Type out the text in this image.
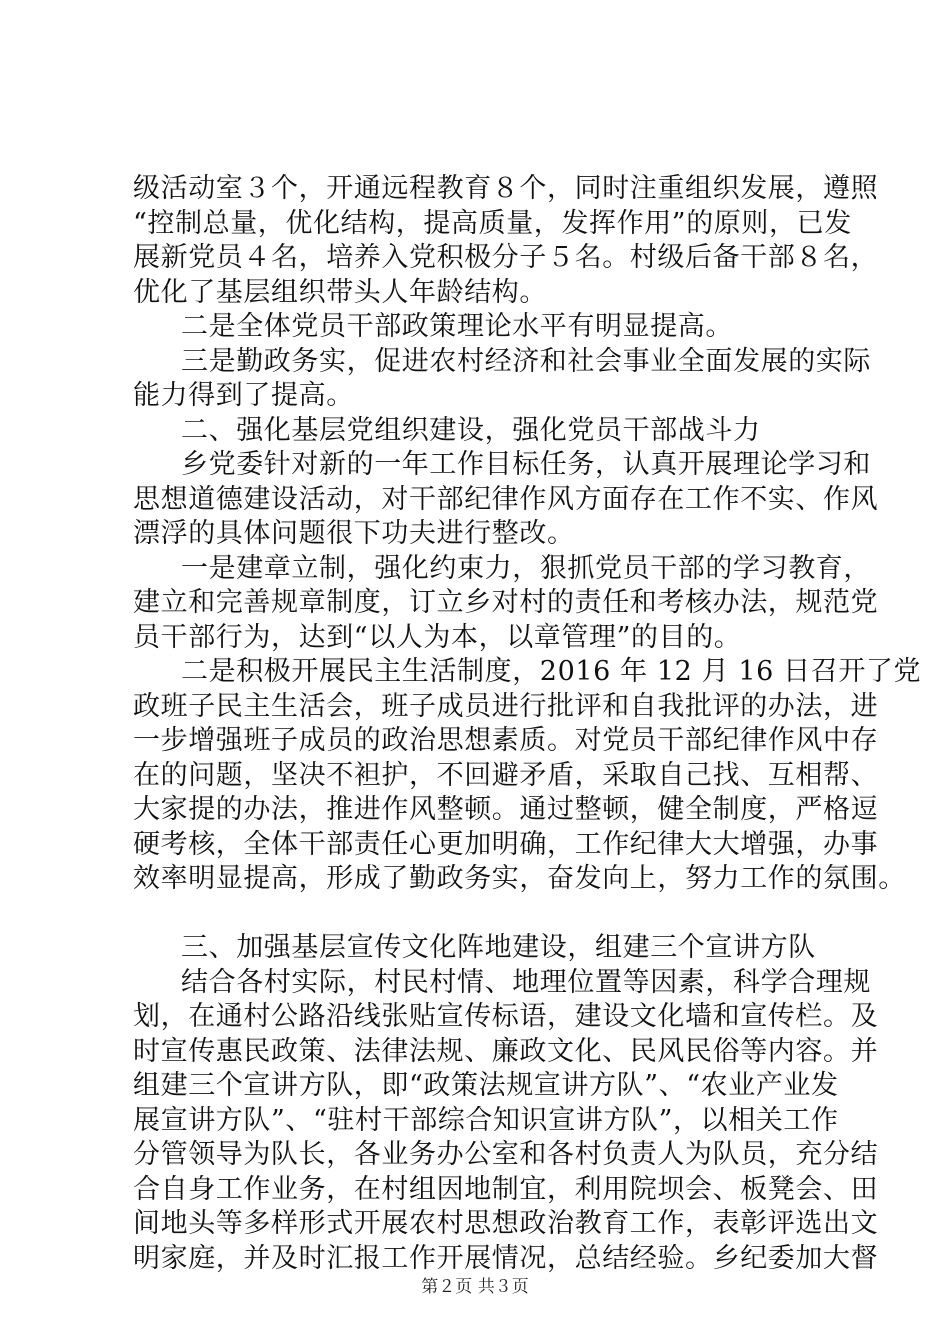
级活动室３个，开通远程教育８个，同时注重组织发展，遵照
“控制总量，优化结构，提高质量，发挥作用”的原则，已发
展新党员４名，培养入党积极分子５名。村级后备干部８名，
优化了基层组织带头人年龄结构。
二是全体党员干部政策理论水平有明显提高。
三是勤政务实，促进农村经济和社会事业全面发展的实际
能力得到了提高。
二、强化基层党组织建设，强化党员干部战斗力
乡党委针对新的一年工作目标任务，认真开展理论学习和
思想道德建设活动，对干部纪律作风方面存在工作不实、作风
漂浮的具体问题很下功夫进行整改。
一是建章立制，强化约束力，狠抓党员干部的学习教育，
建立和完善规章制度，订立乡对村的责任和考核办法，规范党
员干部行为，达到“以人为本，以章管理”的目的。
二是积极开展民主生活制度，2016 年 12 月 16 日召开了党
政班子民主生活会，班子成员进行批评和自我批评的办法，进
一步增强班子成员的政治思想素质。对党员干部纪律作风中存
在的问题，坚决不袒护，不回避矛盾，采取自己找、互相帮、
大家提的办法，推进作风整顿。通过整顿，健全制度，严格逗
硬考核，全体干部责任心更加明确，工作纪律大大增强，办事
效率明显提高，形成了勤政务实，奋发向上，努力工作的氛围。
三、加强基层宣传文化阵地建设，组建三个宣讲方队
结合各村实际，村民村情、地理位置等因素，科学合理规
划，在通村公路沿线张贴宣传标语，建设文化墙和宣传栏。及
时宣传惠民政策、法律法规、廉政文化、民风民俗等内容。并
组建三个宣讲方队，即“政策法规宣讲方队”、“农业产业发
展宣讲方队”、“驻村干部综合知识宣讲方队”，以相关工作
分管领导为队长，各业务办公室和各村负责人为队员，充分结
合自身工作业务，在村组因地制宜，利用院坝会、板凳会、田
间地头等多样形式开展农村思想政治教育工作，表彰评选出文
明家庭，并及时汇报工作开展情况，总结经验。乡纪委加大督
第２页 共３页
